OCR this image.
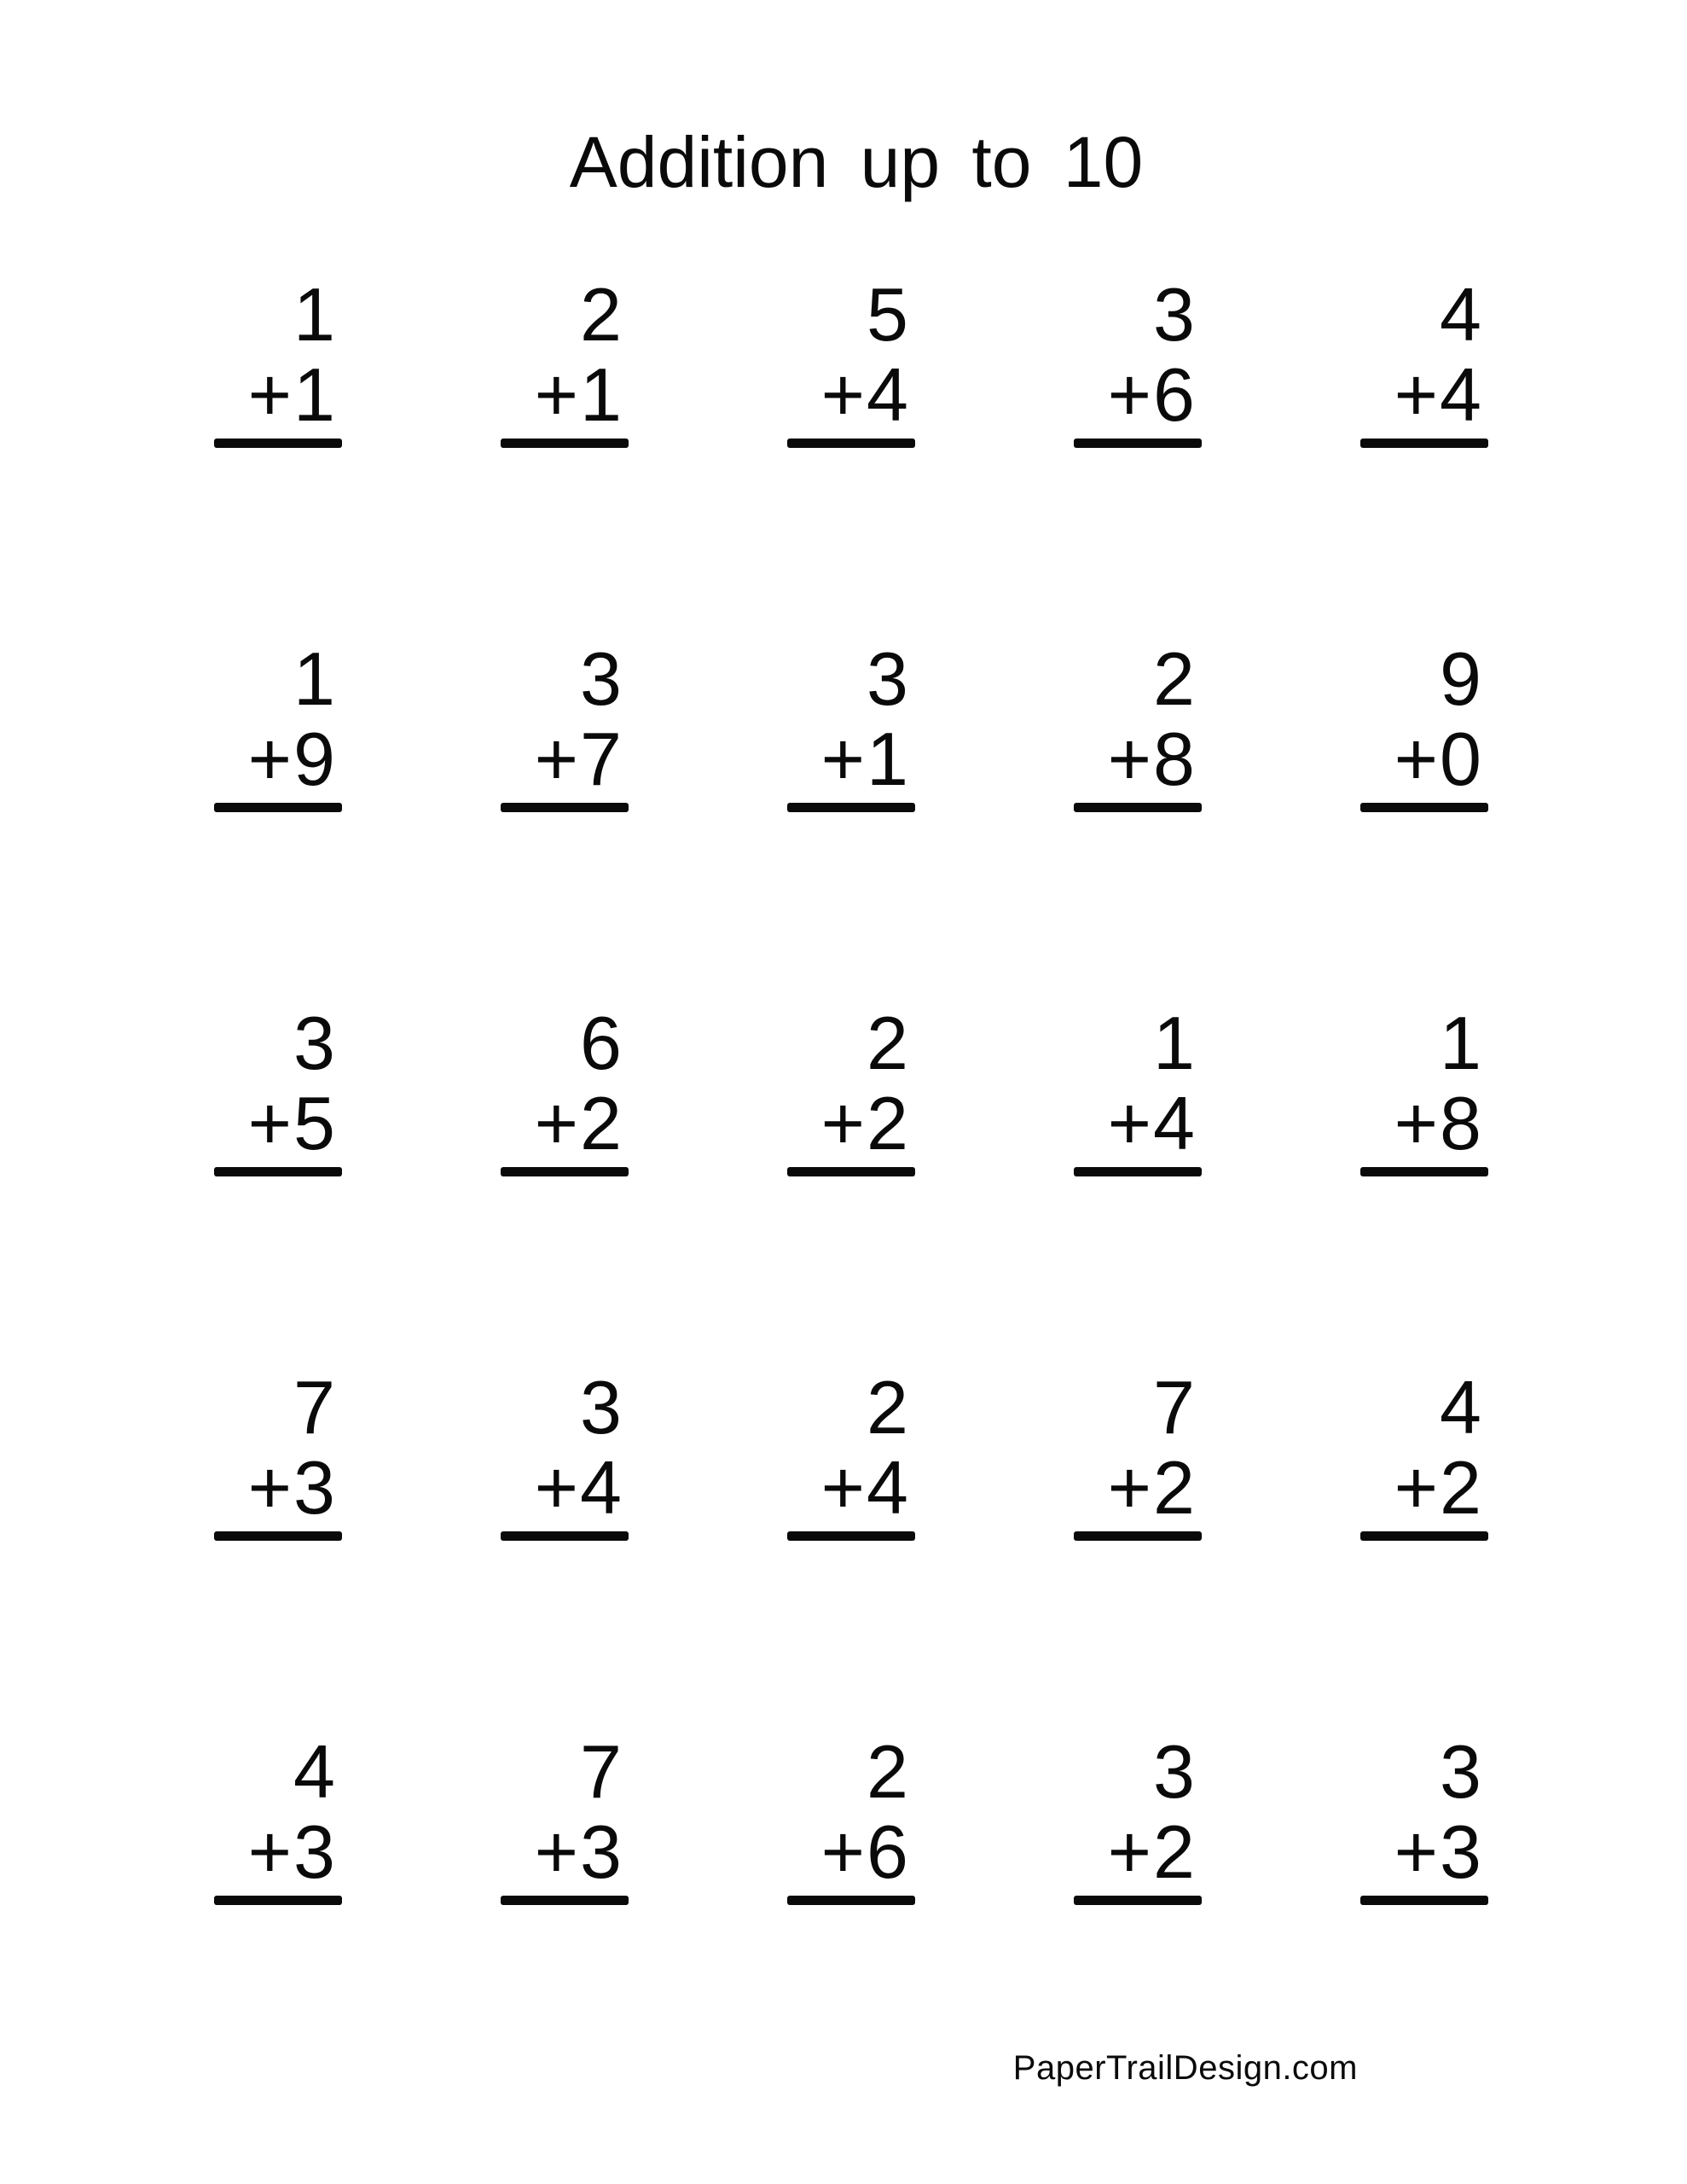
Addition up to 10
1
+1
2
+1
5
+4
3
+6
4
+4
1
+9
3
+7
3
+1
2
+8
9
+0
3
+5
6
+2
2
+2
1
+4
1
+8
7
+3
3
+4
2
+4
7
+2
4
+2
4
+3
7
+3
2
+6
3
+2
3
+3
PaperTrailDesign.com
